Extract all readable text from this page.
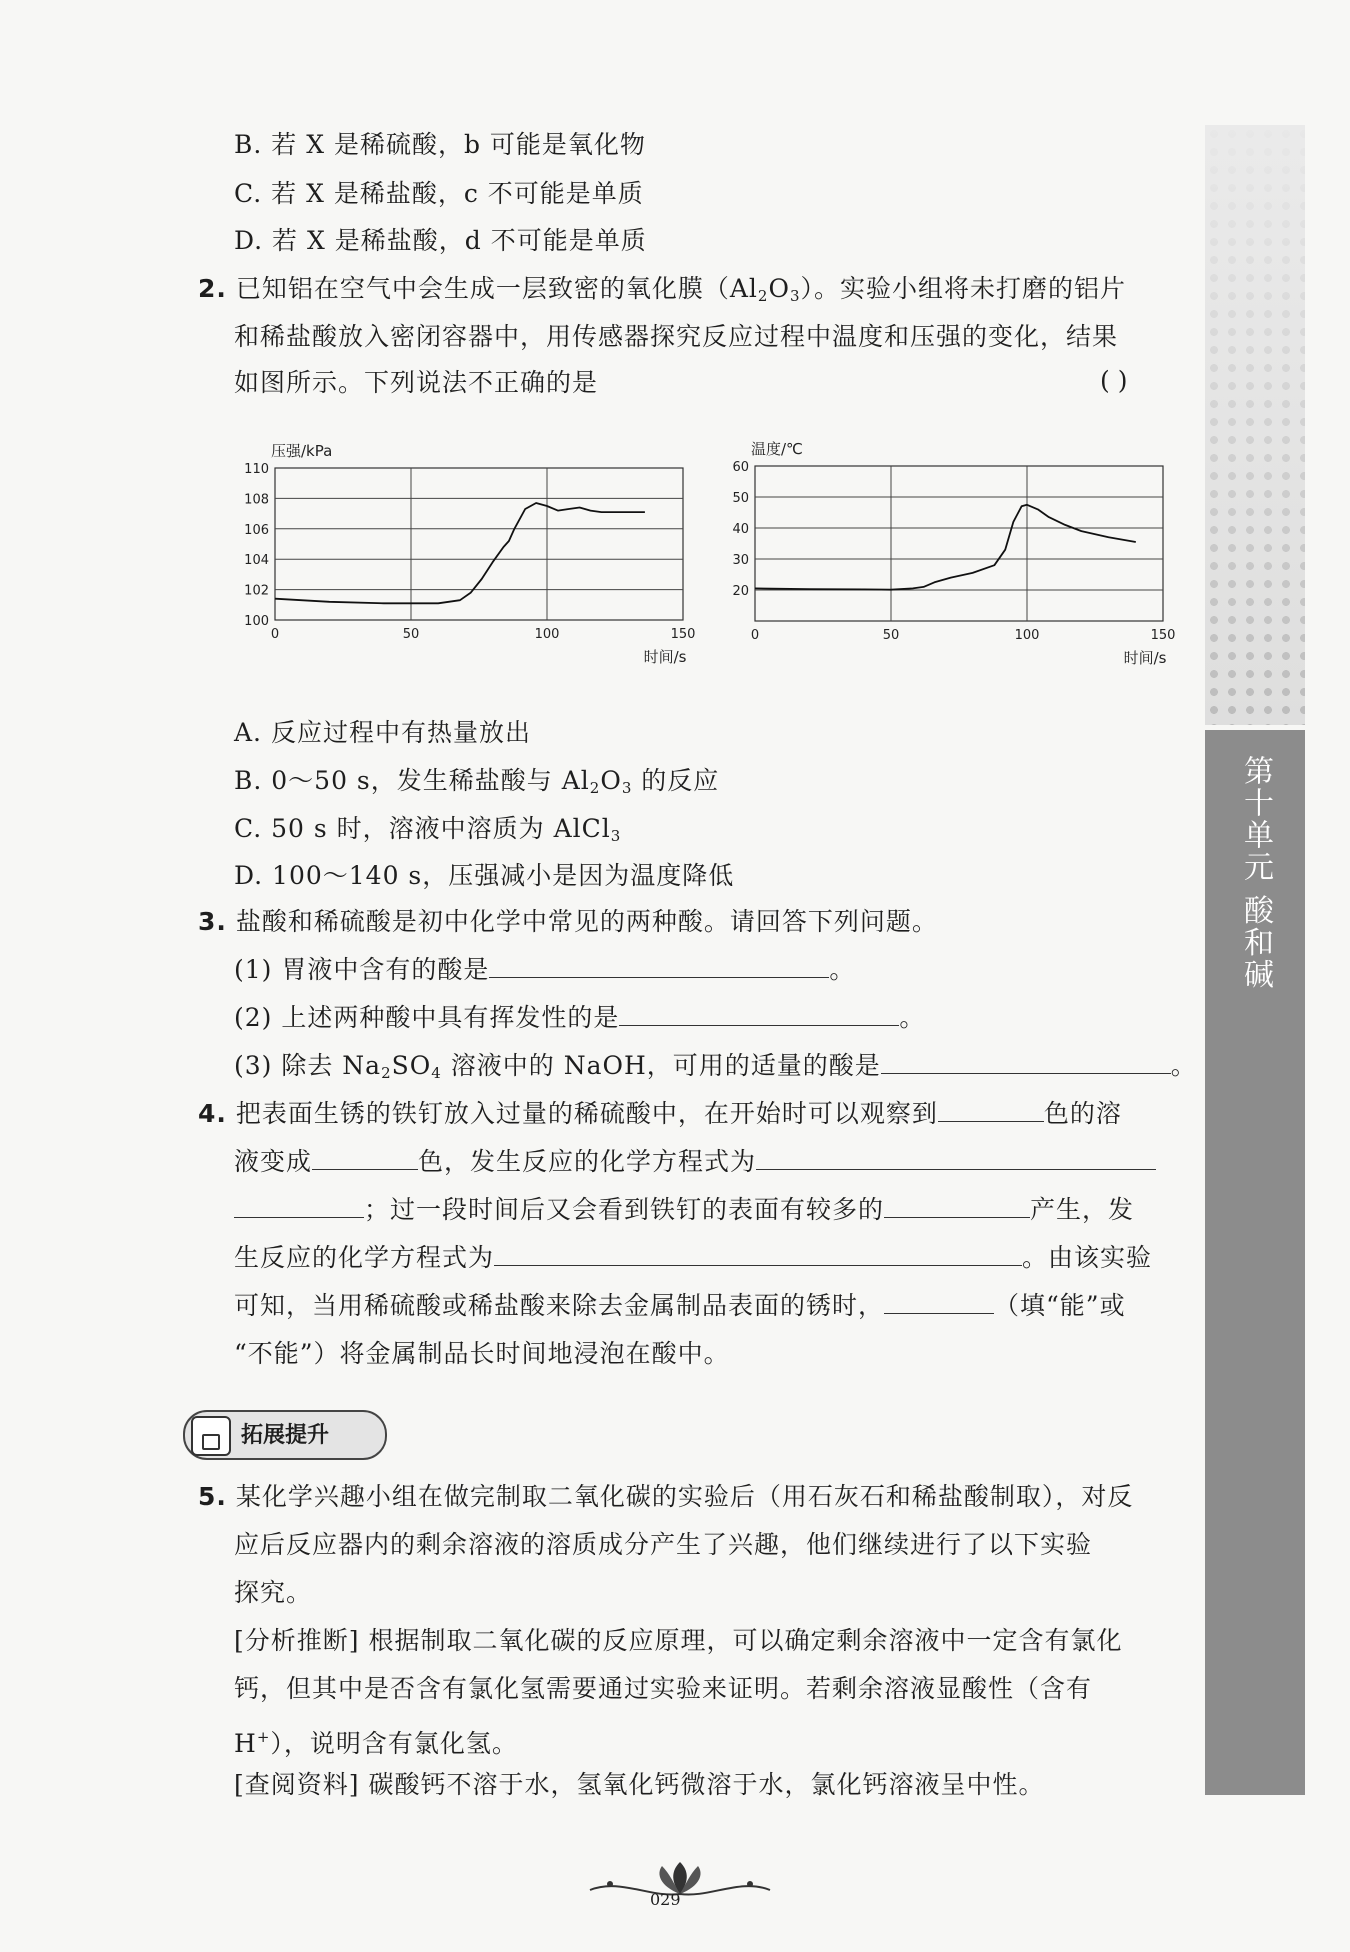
第十单元 酸和碱
B. 若 X 是稀硫酸，b 可能是氧化物
C. 若 X 是稀盐酸，c 不可能是单质
D. 若 X 是稀盐酸，d 不可能是单质
2. 已知铝在空气中会生成一层致密的氧化膜$(Al_2O_3)$。实验小组将未打磨的铝片
和稀盐酸放入密闭容器中，用传感器探究反应过程中温度和压强的变化，结果
如图所示。下列说法不正确的是	( )
0	50	100	150
100
102
104
106
108
110
压强/kPa
时间/s
0	50	100	150
20
30
40
50
60
温度/℃
时间/s
A. 反应过程中有热量放出
B. 0～50 s，发生稀盐酸与 $Al_2O_3$ 的反应
C. 50 s 时，溶液中溶质为 AlCl$_3$
D. 100～140 s，压强减小是因为温度降低
3. 盐酸和稀硫酸是初中化学中常见的两种酸。请回答下列问题。
(1) 胃液中含有的酸是	。
(2) 上述两种酸中具有挥发性的是	。
(3) 除去 $Na_2SO_4$ 溶液中的 NaOH，可用的适量的酸是	。
4. 把表面生锈的铁钉放入过量的稀硫酸中，在开始时可以观察到	色的溶
液变成	色，发生反应的化学方程式为
；过一段时间后又会看到铁钉的表面有较多的	产生，发
生反应的化学方程式为	。由该实验
可知，当用稀硫酸或稀盐酸来除去金属制品表面的锈时，	（填“能”或
“不能”）将金属制品长时间地浸泡在酸中。
拓展提升
5. 某化学兴趣小组在做完制取二氧化碳的实验后（用石灰石和稀盐酸制取），对反
应后反应器内的剩余溶液的溶质成分产生了兴趣，他们继续进行了以下实验
探究。
[分析推断] 根据制取二氧化碳的反应原理，可以确定剩余溶液中一定含有氯化
钙，但其中是否含有氯化氢需要通过实验来证明。若剩余溶液显酸性（含有
H+），说明含有氯化氢。
[查阅资料] 碳酸钙不溶于水，氢氧化钙微溶于水，氯化钙溶液呈中性。
029
